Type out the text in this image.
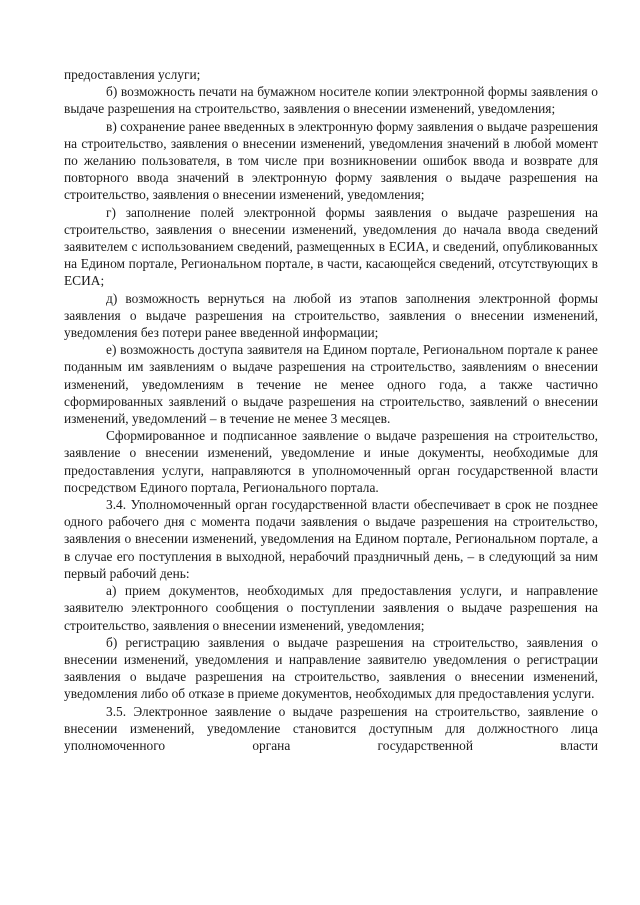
предоставления услуги;

б) возможность печати на бумажном носителе копии электронной формы заявления о выдаче разрешения на строительство, заявления о внесении изменений, уведомления;

в) сохранение ранее введенных в электронную форму заявления о выдаче разрешения на строительство, заявления о внесении изменений, уведомления значений в любой момент по желанию пользователя, в том числе при возникновении ошибок ввода и возврате для повторного ввода значений в электронную форму заявления о выдаче разрешения на строительство, заявления о внесении изменений, уведомления;

г) заполнение полей электронной формы заявления о выдаче разрешения на строительство, заявления о внесении изменений, уведомления до начала ввода сведений заявителем с использованием сведений, размещенных в ЕСИА, и сведений, опубликованных на Едином портале, Региональном портале, в части, касающейся сведений, отсутствующих в ЕСИА;

д) возможность вернуться на любой из этапов заполнения электронной формы заявления о выдаче разрешения на строительство, заявления о внесении изменений, уведомления без потери ранее введенной информации;

е) возможность доступа заявителя на Едином портале, Региональном портале к ранее поданным им заявлениям о выдаче разрешения на строительство, заявлениям о внесении изменений, уведомлениям в течение не менее одного года, а также частично сформированных заявлений о выдаче разрешения на строительство, заявлений о внесении изменений, уведомлений – в течение не менее 3 месяцев.

Сформированное и подписанное заявление о выдаче разрешения на строительство, заявление о внесении изменений, уведомление и иные документы, необходимые для предоставления услуги, направляются в уполномоченный орган государственной власти посредством Единого портала, Регионального портала.

3.4. Уполномоченный орган государственной власти обеспечивает в срок не позднее одного рабочего дня с момента подачи заявления о выдаче разрешения на строительство, заявления о внесении изменений, уведомления на Едином портале, Региональном портале, а в случае его поступления в выходной, нерабочий праздничный день, – в следующий за ним первый рабочий день:

а) прием документов, необходимых для предоставления услуги, и направление заявителю электронного сообщения о поступлении заявления о выдаче разрешения на строительство, заявления о внесении изменений, уведомления;

б) регистрацию заявления о выдаче разрешения на строительство, заявления о внесении изменений, уведомления и направление заявителю уведомления о регистрации заявления о выдаче разрешения на строительство, заявления о внесении изменений, уведомления либо об отказе в приеме документов, необходимых для предоставления услуги.

3.5. Электронное заявление о выдаче разрешения на строительство, заявление о внесении изменений, уведомление становится доступным для должностного лица уполномоченного органа государственной власти
